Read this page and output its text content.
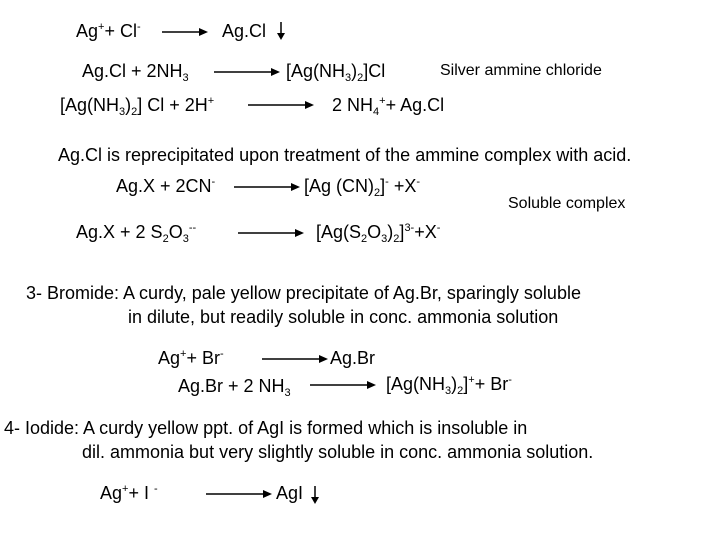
Ag++ Cl- → Ag.Cl
$Ag.Cl + 2NH_3$	$[Ag(NH_3)_2]Cl$	Silver ammine chloride
$[Ag(NH_3)_2] Cl + 2H^+$	2 $NH_4^++ Ag.Cl$
Ag.Cl is reprecipitated upon treatment of the ammine complex with acid.
Ag.X + 2CN-	[Ag $(CN)_2]^- +X^-$
Soluble complex
Ag.X + 2 $S_2O_3^{--}$	$[Ag(S_2O_3)_2]^{3-}+X^-$
3- Bromide: A curdy, pale yellow precipitate of Ag.Br, sparingly soluble
in dilute, but readily soluble in conc. ammonia solution
Ag++ Br-	Ag.Br
Ag.Br + 2 $NH_3$	$[Ag(NH_3)_2]^++ Br^-$
4- Iodide: A curdy yellow ppt. of AgI is formed which is insoluble in
dil. ammonia but very slightly soluble in conc. ammonia solution.
Ag++ I -	AgI
